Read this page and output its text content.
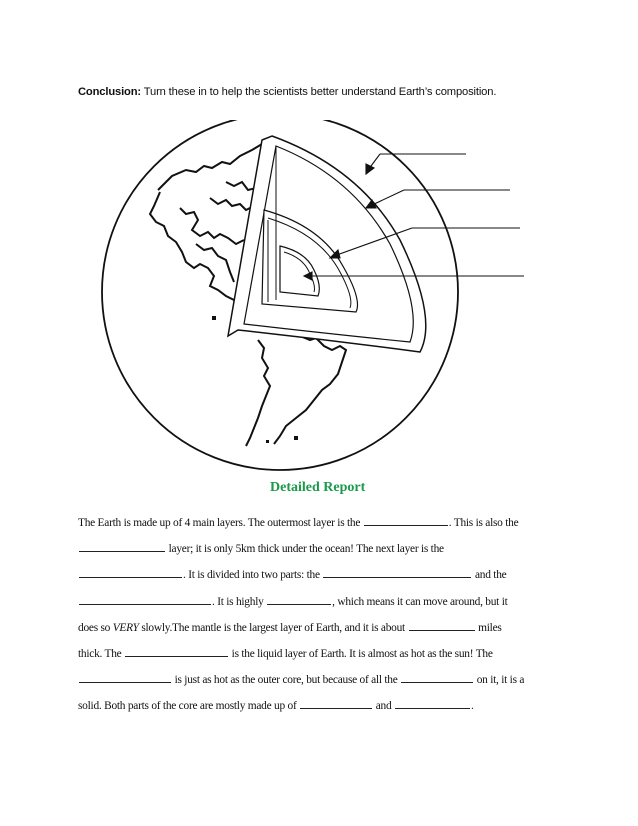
Conclusion: Turn these in to help the scientists better understand Earth’s composition.
Detailed Report
The Earth is made up of 4 main layers. The outermost layer is the	. This is also the
layer; it is only 5km thick under the ocean! The next layer is the
. It is divided into two parts: the	and the
. It is highly	, which means it can move around, but it
does so VERY slowly.The mantle is the largest layer of Earth, and it is about	miles
thick. The	is the liquid layer of Earth. It is almost as hot as the sun! The
is just as hot as the outer core, but because of all the	on it, it is a
solid. Both parts of the core are mostly made up of	and	.
